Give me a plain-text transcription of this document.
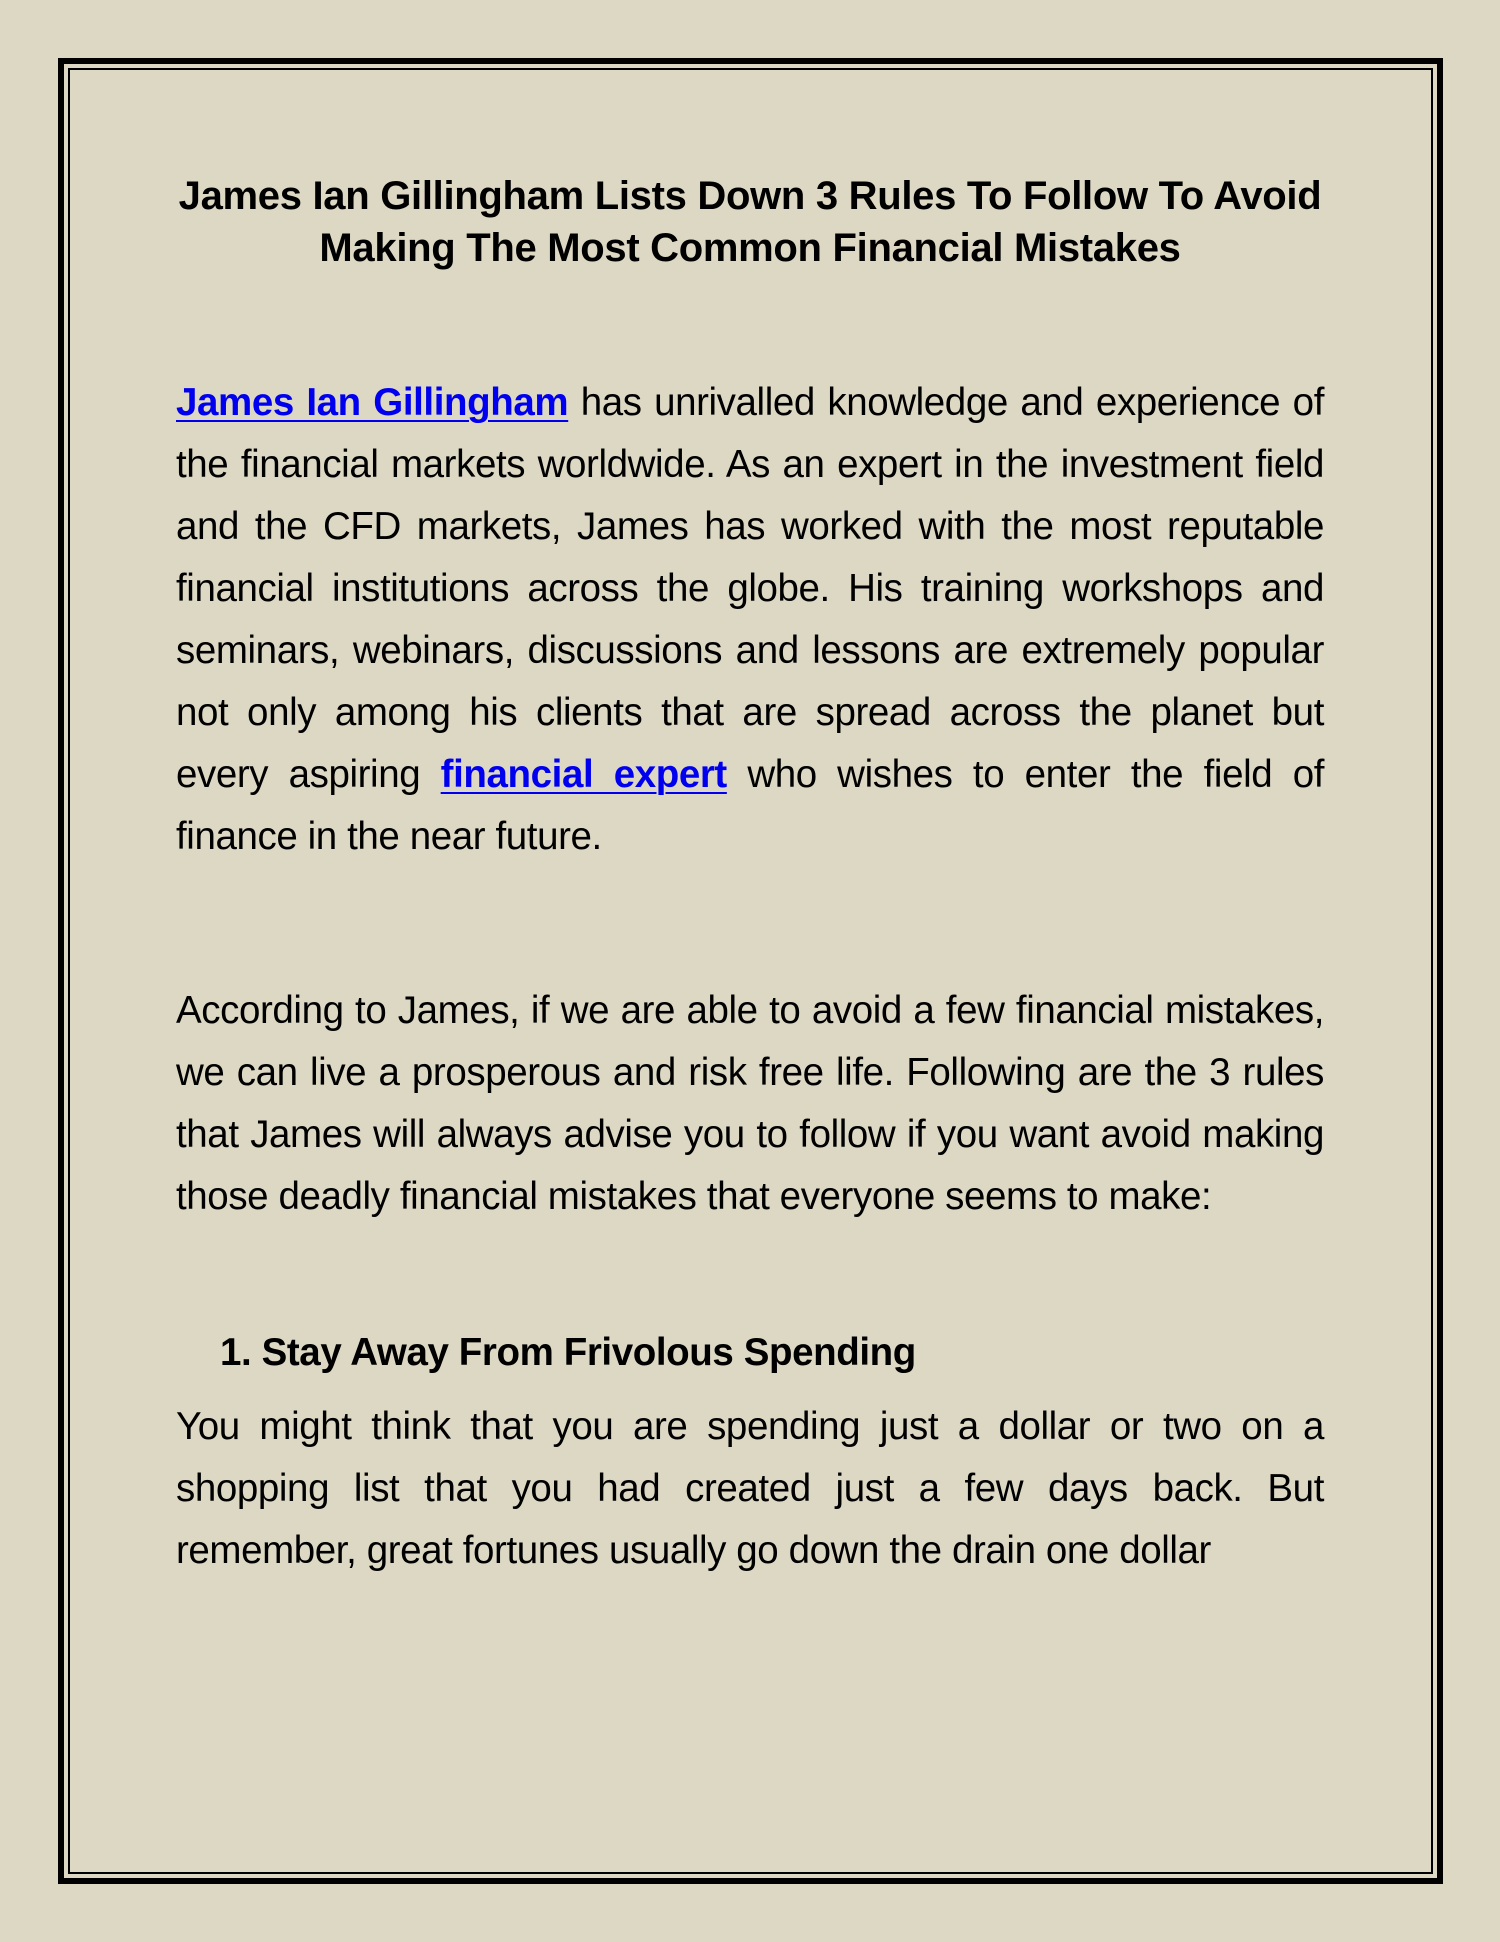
James Ian Gillingham Lists Down 3 Rules To Follow To Avoid Making The Most Common Financial Mistakes

James Ian Gillingham has unrivalled knowledge and experience of the financial markets worldwide. As an expert in the investment field and the CFD markets, James has worked with the most reputable financial institutions across the globe. His training workshops and seminars, webinars, discussions and lessons are extremely popular not only among his clients that are spread across the planet but every aspiring financial expert who wishes to enter the field of finance in the near future.

According to James, if we are able to avoid a few financial mistakes, we can live a prosperous and risk free life. Following are the 3 rules that James will always advise you to follow if you want avoid making those deadly financial mistakes that everyone seems to make:

1. Stay Away From Frivolous Spending

You might think that you are spending just a dollar or two on a shopping list that you had created just a few days back. But remember, great fortunes usually go down the drain one dollar
